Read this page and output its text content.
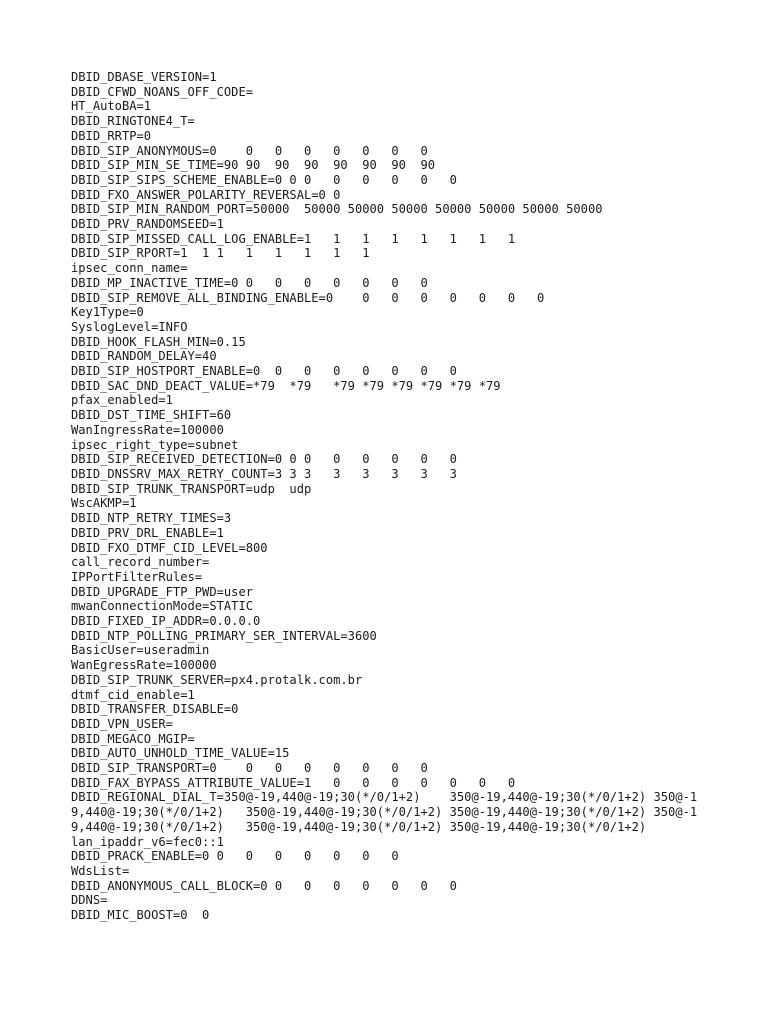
DBID_DBASE_VERSION=1
DBID_CFWD_NOANS_OFF_CODE=
HT_AutoBA=1
DBID_RINGTONE4_T=
DBID_RRTP=0
DBID_SIP_ANONYMOUS=0	0	0	0	0	0	0	0
DBID_SIP_MIN_SE_TIME=90 90	90	90	90	90	90	90
DBID_SIP_SIPS_SCHEME_ENABLE=0 0	0	0	0	0	0	0
DBID_FXO_ANSWER_POLARITY_REVERSAL=0 0
DBID_SIP_MIN_RANDOM_PORT=50000	50000 50000 50000 50000 50000 50000 50000
DBID_PRV_RANDOMSEED=1
DBID_SIP_MISSED_CALL_LOG_ENABLE=1	1	1	1	1	1	1	1
DBID_SIP_RPORT=1  1	1	1	1	1	1	1
ipsec_conn_name=
DBID_MP_INACTIVE_TIME=0 0	0	0	0	0	0	0
DBID_SIP_REMOVE_ALL_BINDING_ENABLE=0	0	0	0	0	0	0	0
Key1Type=0
SyslogLevel=INFO
DBID_HOOK_FLASH_MIN=0.15
DBID_RANDOM_DELAY=40
DBID_SIP_HOSTPORT_ENABLE=0	0	0	0	0	0	0	0
DBID_SAC_DND_DEACT_VALUE=*79  *79	*79	*79	*79	*79	*79	*79
pfax_enabled=1
DBID_DST_TIME_SHIFT=60
WanIngressRate=100000
ipsec_right_type=subnet
DBID_SIP_RECEIVED_DETECTION=0 0	0	0	0	0	0	0
DBID_DNSSRV_MAX_RETRY_COUNT=3 3	3	3	3	3	3	3
DBID_SIP_TRUNK_TRANSPORT=udp  udp
WscAKMP=1
DBID_NTP_RETRY_TIMES=3
DBID_PRV_DRL_ENABLE=1
DBID_FXO_DTMF_CID_LEVEL=800
call_record_number=
IPPortFilterRules=
DBID_UPGRADE_FTP_PWD=user
mwanConnectionMode=STATIC
DBID_FIXED_IP_ADDR=0.0.0.0
DBID_NTP_POLLING_PRIMARY_SER_INTERVAL=3600
BasicUser=useradmin
WanEgressRate=100000
DBID_SIP_TRUNK_SERVER=px4.protalk.com.br
dtmf_cid_enable=1
DBID_TRANSFER_DISABLE=0
DBID_VPN_USER=
DBID_MEGACO_MGIP=
DBID_AUTO_UNHOLD_TIME_VALUE=15
DBID_SIP_TRANSPORT=0	0	0	0	0	0	0	0
DBID_FAX_BYPASS_ATTRIBUTE_VALUE=1	0	0	0	0	0	0	0
DBID_REGIONAL_DIAL_T=350@-19,440@-19;30(*/0/1+2)	350@-19,440@-19;30(*/0/1+2)	350@-19,440@-19;30(*/0/1+2)	350@-19,440@-19;30(*/0/1+2)	350@-19,440@-19;30(*/0/1+2)	350@-19,440@-19;30(*/0/1+2)	350@-19,440@-19;30(*/0/1+2)	350@-19,440@-19;30(*/0/1+2)
lan_ipaddr_v6=fec0::1
DBID_PRACK_ENABLE=0	0	0	0	0	0	0	0
WdsList=
DBID_ANONYMOUS_CALL_BLOCK=0	0	0	0	0	0	0	0
DDNS=
DBID_MIC_BOOST=0  0
